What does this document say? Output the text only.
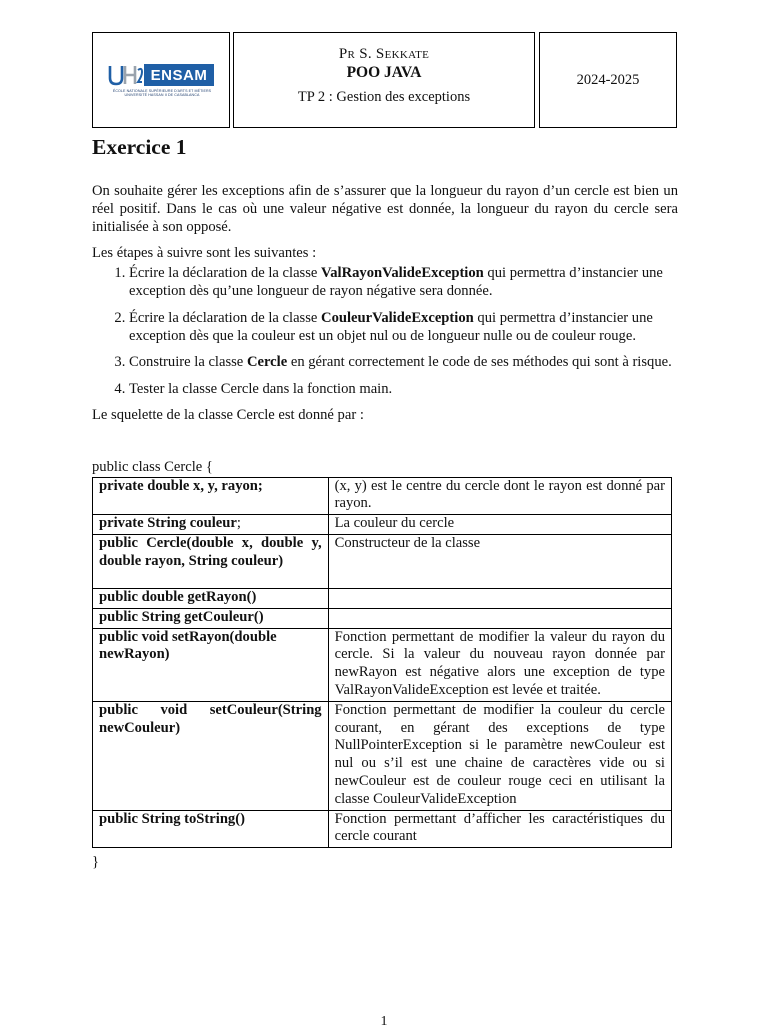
ENSAM
ÉCOLE NATIONALE SUPÉRIEURE D'ARTS ET MÉTIERS
UNIVERSITÉ HASSAN II DE CASABLANCA
Pr S. Sekkate
POO JAVA
TP 2 : Gestion des exceptions
2024-2025
Exercice 1

On souhaite gérer les exceptions afin de s’assurer que la longueur du rayon d’un cercle est bien un réel positif. Dans le cas où une valeur négative est donnée, la longueur du rayon du cercle sera initialisée à son opposé.

Les étapes à suivre sont les suivantes :

1. Écrire la déclaration de la classe ValRayonValideException qui permettra d’instancier une exception dès qu’une longueur de rayon négative sera donnée.
2. Écrire la déclaration de la classe CouleurValideException qui permettra d’instancier une exception dès que la couleur est un objet nul ou de longueur nulle ou de couleur rouge.
3. Construire la classe Cercle en gérant correctement le code de ses méthodes qui sont à risque.
4. Tester la classe Cercle dans la fonction main.

Le squelette de la classe Cercle est donné par :

public class Cercle {

private double x, y, rayon;	(x, y) est le centre du cercle dont le rayon est donné par rayon.
private String couleur;	La couleur du cercle
public Cercle(double x, double y, double rayon, String couleur)	Constructeur de la classe
public double getRayon()	
public String getCouleur()	
public void setRayon(double newRayon)	Fonction permettant de modifier la valeur du rayon du cercle. Si la valeur du nouveau rayon donnée par newRayon est négative alors une exception de type ValRayonValideException est levée et traitée.
public void setCouleur(String newCouleur)	Fonction permettant de modifier la couleur du cercle courant, en gérant des exceptions de type NullPointerException si le paramètre newCouleur est nul ou s’il est une chaine de caractères vide ou si newCouleur est de couleur rouge ceci en utilisant la classe CouleurValideException
public String toString()	Fonction permettant d’afficher les caractéristiques du cercle courant

}

1
